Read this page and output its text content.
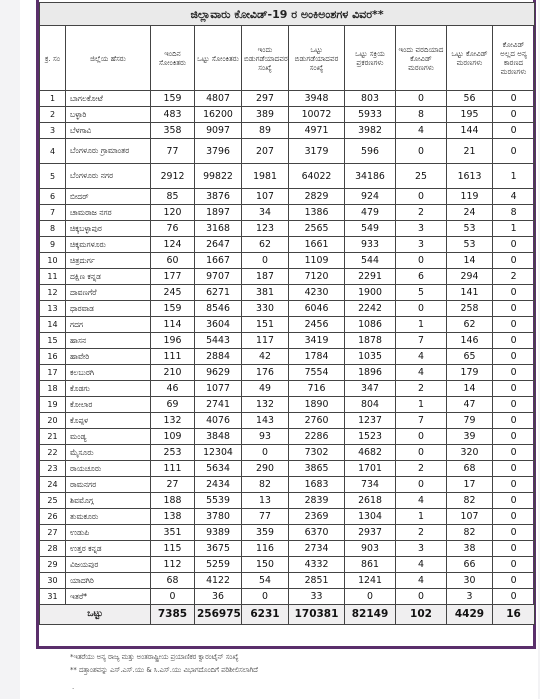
ಜಿಲ್ಲಾವಾರು ಕೋವಿಡ್-19 ರ ಅಂಕಿಅಂಶಗಳ ವಿವರ**									
ಕ್ರ. ಸಂ	ಜಿಲ್ಲೆಯ ಹೆಸರು	ಇಂದಿನ ಸೋಂಕಿತರು	ಒಟ್ಟು ಸೋಂಕಿತರು	ಇಂದು ಬಿಡುಗಡೆಯಾದವರ ಸಂಖ್ಯೆ	ಒಟ್ಟು ಬಿಡುಗಡೆಯಾದವರ ಸಂಖ್ಯೆ	ಒಟ್ಟು ಸಕ್ರಿಯ ಪ್ರಕರಣಗಳು	ಇಂದು ವರದಿಯಾದ ಕೋವಿಡ್ ಮರಣಗಳು	ಒಟ್ಟು ಕೋವಿಡ್ ಮರಣಗಳು	ಕೋವಿಡ್ ಅಲ್ಲದ ಅನ್ಯ ಕಾರಣದ ಮರಣಗಳು
1	ಬಾಗಲಕೋಟೆ	159	4807	297	3948	803	0	56	0
2	ಬಳ್ಳಾರಿ	483	16200	389	10072	5933	8	195	0
3	ಬೆಳಗಾವಿ	358	9097	89	4971	3982	4	144	0
4	ಬೆಂಗಳೂರು ಗ್ರಾಮಾಂತರ	77	3796	207	3179	596	0	21	0
5	ಬೆಂಗಳೂರು ನಗರ	2912	99822	1981	64022	34186	25	1613	1
6	ಬೀದರ್	85	3876	107	2829	924	0	119	4
7	ಚಾಮರಾಜ ನಗರ	120	1897	34	1386	479	2	24	8
8	ಚಿಕ್ಕಬಳ್ಳಾಪುರ	76	3168	123	2565	549	3	53	1
9	ಚಿಕ್ಕಮಗಳೂರು	124	2647	62	1661	933	3	53	0
10	ಚಿತ್ರದುರ್ಗ	60	1667	0	1109	544	0	14	0
11	ದಕ್ಷಿಣ ಕನ್ನಡ	177	9707	187	7120	2291	6	294	2
12	ದಾವಣಗೆರೆ	245	6271	381	4230	1900	5	141	0
13	ಧಾರವಾಡ	159	8546	330	6046	2242	0	258	0
14	ಗದಗ	114	3604	151	2456	1086	1	62	0
15	ಹಾಸನ	196	5443	117	3419	1878	7	146	0
16	ಹಾವೇರಿ	111	2884	42	1784	1035	4	65	0
17	ಕಲಬುರಗಿ	210	9629	176	7554	1896	4	179	0
18	ಕೊಡಗು	46	1077	49	716	347	2	14	0
19	ಕೋಲಾರ	69	2741	132	1890	804	1	47	0
20	ಕೊಪ್ಪಳ	132	4076	143	2760	1237	7	79	0
21	ಮಂಡ್ಯ	109	3848	93	2286	1523	0	39	0
22	ಮೈಸೂರು	253	12304	0	7302	4682	0	320	0
23	ರಾಯಚೂರು	111	5634	290	3865	1701	2	68	0
24	ರಾಮನಗರ	27	2434	82	1683	734	0	17	0
25	ಶಿವಮೊಗ್ಗ	188	5539	13	2839	2618	4	82	0
26	ತುಮಕೂರು	138	3780	77	2369	1304	1	107	0
27	ಉಡುಪಿ	351	9389	359	6370	2937	2	82	0
28	ಉತ್ತರ ಕನ್ನಡ	115	3675	116	2734	903	3	38	0
29	ವಿಜಯಪುರ	112	5259	150	4332	861	4	66	0
30	ಯಾದಗಿರಿ	68	4122	54	2851	1241	4	30	0
31	ಇತರೆ*	0	36	0	33	0	0	3	0
ಒಟ್ಟು		7385	256975	6231	170381	82149	102	4429	16
*ಇತರೆಯು ಅನ್ಯ ರಾಜ್ಯ ಮತ್ತು ಅಂತರಾಷ್ಟ್ರೀಯ ಪ್ರಯಾಣಿಕರ ಕ್ವಾರಂಟೈನ್ ಸಂಖ್ಯೆ
** ದತ್ತಾಂಶವನ್ನು ಎಸ್.ಎಸ್.ಯು & ಸಿ.ಎಸ್.ಯು ವಿಭಾಗದೊಂದಿಗೆ ಪರಿಶೀಲಿಸಲಾಗಿದೆ
.
